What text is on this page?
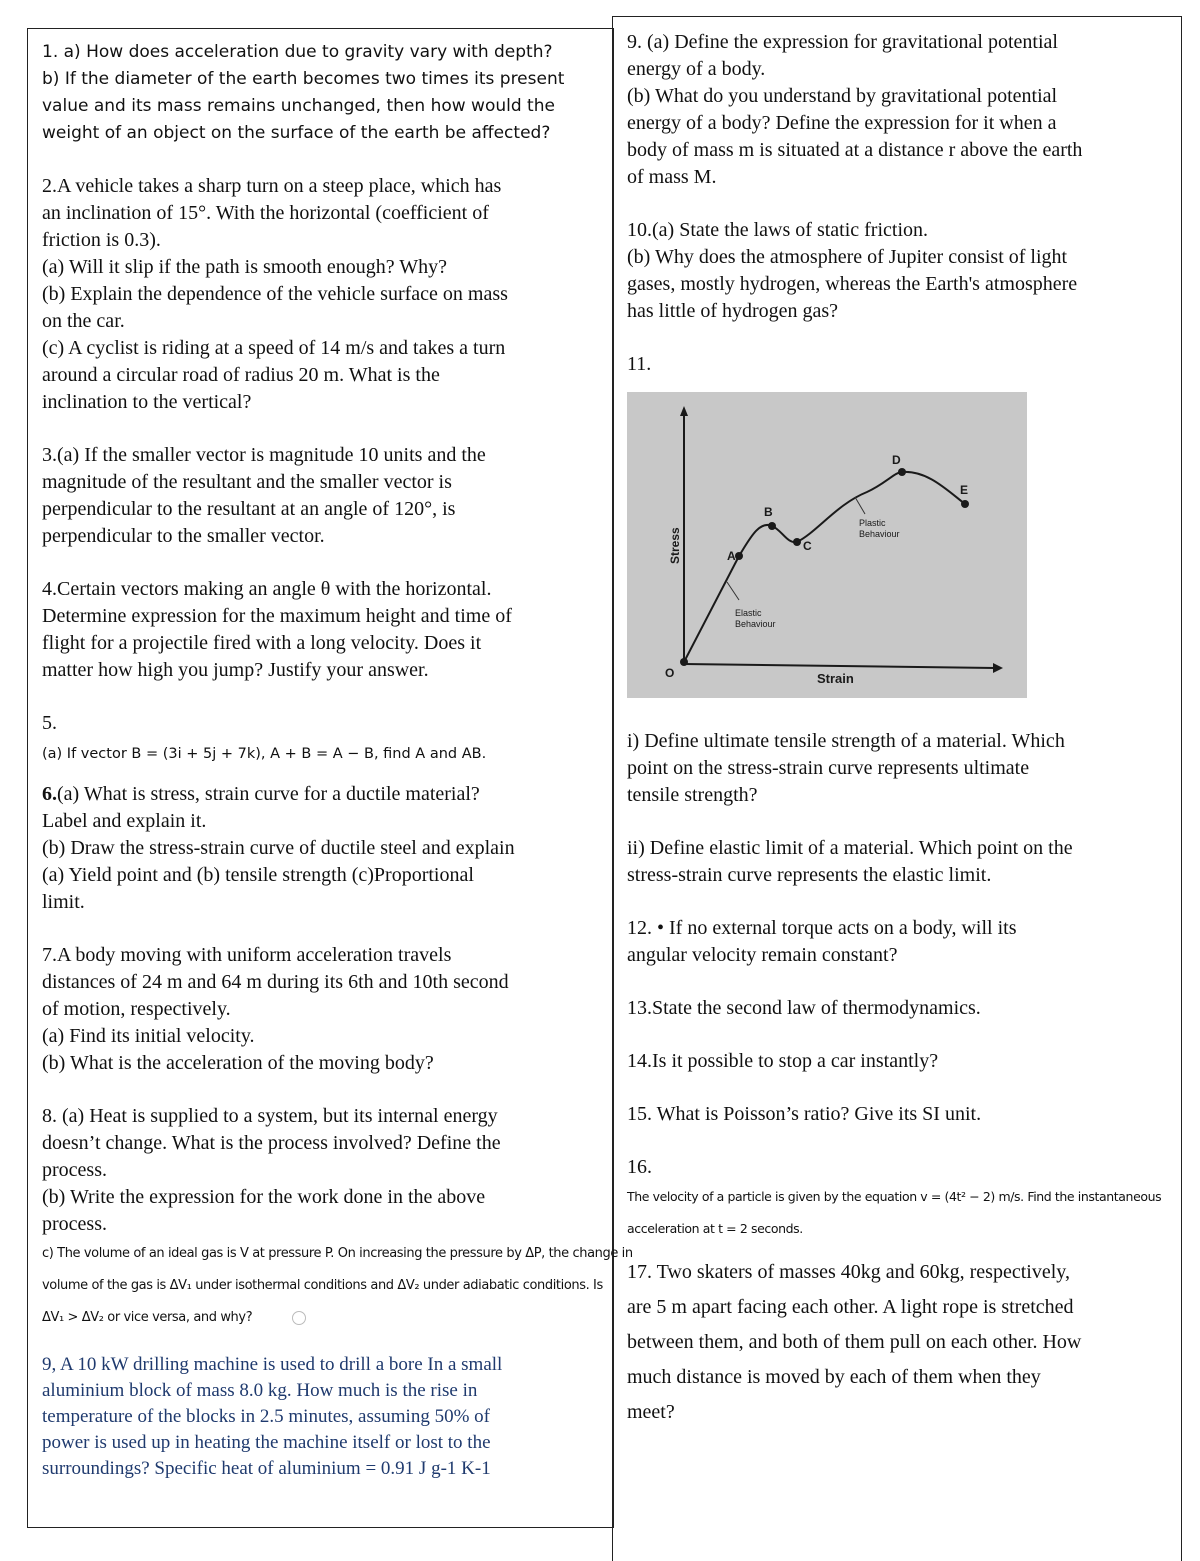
1. a) How does acceleration due to gravity vary with depth?
b) If the diameter of the earth becomes two times its present
value and its mass remains unchanged, then how would the
weight of an object on the surface of the earth be affected?
2.A vehicle takes a sharp turn on a steep place, which has
an inclination of 15°. With the horizontal (coefficient of
friction is 0.3).
(a) Will it slip if the path is smooth enough? Why?
(b) Explain the dependence of the vehicle surface on mass
on the car.
(c) A cyclist is riding at a speed of 14 m/s and takes a turn
around a circular road of radius 20 m. What is the
inclination to the vertical?
3.(a) If the smaller vector is magnitude 10 units and the
magnitude of the resultant and the smaller vector is
perpendicular to the resultant at an angle of 120°, is
perpendicular to the smaller vector.
4.Certain vectors making an angle θ with the horizontal.
Determine expression for the maximum height and time of
flight for a projectile fired with a long velocity. Does it
matter how high you jump? Justify your answer.
5.
(a) If vector B = (3i + 5j + 7k), A + B = A − B, find A and AB.
6.(a) What is stress, strain curve for a ductile material?
Label and explain it.
(b) Draw the stress-strain curve of ductile steel and explain
(a) Yield point and (b) tensile strength (c)Proportional
limit.
7.A body moving with uniform acceleration travels
distances of 24 m and 64 m during its 6th and 10th second
of motion, respectively.
(a) Find its initial velocity.
(b) What is the acceleration of the moving body?
8. (a) Heat is supplied to a system, but its internal energy
doesn’t change. What is the process involved? Define the
process.
(b) Write the expression for the work done in the above
process.
c) The volume of an ideal gas is V at pressure P. On increasing the pressure by ΔP, the change in
volume of the gas is ΔV₁ under isothermal conditions and ΔV₂ under adiabatic conditions. Is
ΔV₁ > ΔV₂ or vice versa, and why?
9, A 10 kW drilling machine is used to drill a bore In a small
aluminium block of mass 8.0 kg. How much is the rise in
temperature of the blocks in 2.5 minutes, assuming 50% of
power is used up in heating the machine itself or lost to the
surroundings? Specific heat of aluminium = 0.91 J g-1 K-1
9. (a) Define the expression for gravitational potential
energy of a body.
(b) What do you understand by gravitational potential
energy of a body? Define the expression for it when a
body of mass m is situated at a distance r above the earth
of mass M.
10.(a) State the laws of static friction.
(b) Why does the atmosphere of Jupiter consist of light
gases, mostly hydrogen, whereas the Earth's atmosphere
has little of hydrogen gas?
11.
Stress
Strain
O
A
B
C
D
E
Elastic
Behaviour
Plastic
Behaviour
i) Define ultimate tensile strength of a material. Which
point on the stress-strain curve represents ultimate
tensile strength?
ii) Define elastic limit of a material. Which point on the
stress-strain curve represents the elastic limit.
12. • If no external torque acts on a body, will its
angular velocity remain constant?
13.State the second law of thermodynamics.
14.Is it possible to stop a car instantly?
15. What is Poisson’s ratio? Give its SI unit.
16.
The velocity of a particle is given by the equation v = (4t² − 2) m/s. Find the instantaneous
acceleration at t = 2 seconds.
17. Two skaters of masses 40kg and 60kg, respectively,
are 5 m apart facing each other. A light rope is stretched
between them, and both of them pull on each other. How
much distance is moved by each of them when they
meet?
